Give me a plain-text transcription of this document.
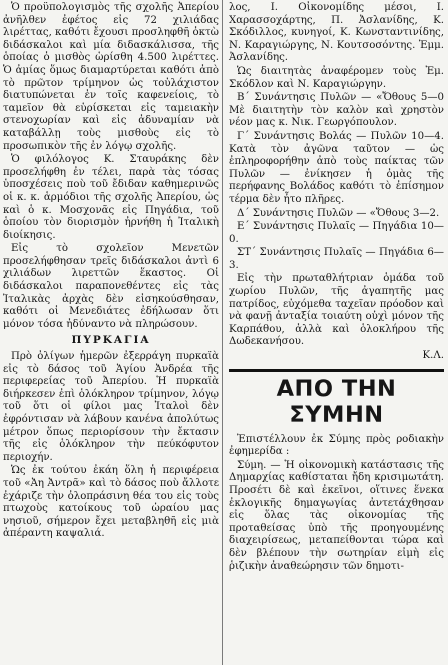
Ὁ προϋπολογισμὸς τῆς σχολῆς Ἀπερίου ἀνῆλθεν ἐφέτος εἰς 72 χιλιάδας λιρέττας, καθότι ἔχουσι προσληφθῆ ὀκτὼ διδάσκαλοι καὶ μία διδασκάλισσα, τῆς ὁποίας ὁ μισθὸς ὡρίσθη 4.500 λιρέττες. Ὁ ἀμίας ὅμως διαμαρτύρεται καθότι ἀπὸ τὸ πρῶτον τρίμηνον ὡς τοὐλάχιστον διατυπώνεται ἐν τοῖς καφενείοις, τὸ ταμεῖον θὰ εὑρίσκεται εἰς ταμειακὴν στενοχωρίαν καὶ εἰς ἀδυναμίαν νὰ καταβάλλῃ τοὺς μισθοὺς εἰς τὸ προσωπικὸν τῆς ἐν λόγῳ σχολῆς.

Ὁ φιλόλογος Κ. Σταυράκης δὲν προσελήφθη ἐν τέλει, παρὰ τὰς τόσας ὑποσχέσεις ποὺ τοῦ ἔδιδαν καθημερινῶς οἱ κ. κ. ἁρμόδιοι τῆς σχολῆς Ἀπερίου, ὡς καὶ ὁ κ. Μοσχονᾶς εἰς Πηγάδια, τοῦ ὁποίου τὸν διορισμὸν ἠρνήθη ἡ Ἰταλικὴ διοίκησις.

Εἰς τὸ σχολεῖον Μενετῶν προσελήφθησαν τρεῖς διδάσκαλοι ἀντὶ 6 χιλιάδων λιρεττῶν ἕκαστος. Οἱ διδάσκαλοι παραπονεθέντες εἰς τὰς Ἰταλικὰς ἀρχὰς δὲν εἰσηκούσθησαν, καθότι οἱ Μενεδιάτες ἐδήλωσαν ὅτι μόνον τόσα ἠδύναντο νὰ πληρώσουν.

ΠΥΡΚΑΓΙΑ

Πρὸ ὀλίγων ἡμερῶν ἐξερράγη πυρκαϊὰ εἰς τὸ δάσος τοῦ Ἁγίου Ἀνδρέα τῆς περιφερείας τοῦ Ἀπερίου. Ἡ πυρκαϊὰ διήρκεσεν ἐπὶ ὁλόκληρον τρίμηνον, λόγῳ τοῦ ὅτι οἱ φίλοι μας Ἰταλοὶ δὲν ἐφρόντισαν νὰ λάβουν κανένα ἀπολύτως μέτρον ὅπως περιορίσουν τὴν ἔκτασιν τῆς εἰς ὁλόκληρον τὴν πεύκόφυτον περιοχήν.

Ὡς ἐκ τούτου ἐκάη ὅλη ἡ περιφέρεια τοῦ «Ἀη Ἀντρᾶ» καὶ τὸ δάσος ποὺ ἄλλοτε ἐχάριζε τὴν ὀλοπράσινη θέα του εἰς τοὺς πτωχοὺς κατοίκους τοῦ ὡραίου μας νησιοῦ, σήμερον ἔχει μεταβληθῆ εἰς μιὰ ἀπέραντη καψαλιά.

λος, Ι. Οἰκονομίδης μέσοι, Ι. Χαρασσοχάρτης, Π. Ἀσλανίδης, Κ. Σκόδιλλος, κυνηγοί, Κ. Κωνσταντινίδης, Ν. Καραγιώργης, Ν. Κουτσοσόντης. Ἐμμ. Ἀσλανίδης.

Ὡς διαιτητὰς ἀναφέρομεν τοὺς Ἐμ. Σκόδλον καὶ Ν. Καραγιώργην.

Β΄ Συνάντησις Πυλῶν — «Ὄθους 5—0 Μὲ διαιτητὴν τὸν καλὸν καὶ χρηστὸν νέον μας κ. Νικ. Γεωργόπουλον.

Γ΄ Συνάντησις Βολάς — Πυλῶν 10—4. Κατὰ τὸν ἀγῶνα ταῦτον — ὡς ἐπληροφορήθην ἀπὸ τοὺς παίκτας τῶν Πυλῶν — ἐνίκησεν ἡ ὁμὰς τῆς περήφανης Βολάδος καθότι τὸ ἐπίσημον τέρμα δὲν ἦτο πλῆρες.

Δ΄ Συνάντησις Πυλῶν — «Ὄθους 3—2.

Ε΄ Συνάντησις Πυλαῖς — Πηγάδια 10—0.

ΣΤ΄ Συνάντησις Πυλαῖς — Πηγάδια 6—3.

Εἰς τὴν πρωταθλήτριαν ὁμάδα τοῦ χωρίου Πυλῶν, τῆς ἀγαπητῆς μας πατρίδος, εὐχόμεθα ταχεῖαν πρόοδον καὶ νὰ φανῇ ἀνταξία τοιαύτη οὐχὶ μόνον τῆς Καρπάθου, ἀλλὰ καὶ ὁλοκλήρου τῆς Δωδεκανήσου.

Κ.Λ.
ΑΠΟ ΤΗΝ ΣΥΜΗΝ

Ἐπιστέλλουν ἐκ Σύμης πρὸς ροδιακὴν ἐφημερίδα :

Σύμη. — Ἡ οἰκονομικὴ κατάστασις τῆς Δημαρχίας καθίσταται ἤδη κρισιμωτάτη. Προσέτι δὲ καὶ ἐκεῖνοι, οἵτινες ἕνεκα ἐκλογικῆς δημαγωγίας ἀντετάχθησαν εἰς ὅλας τὰς οἰκονομίας τῆς προταθείσας ὑπὸ τῆς προηγουμένης διαχειρίσεως, μεταπείθονται τώρα καὶ δὲν βλέπουν τὴν σωτηρίαν εἰμὴ εἰς ῥιζικὴν ἀναθεώρησιν τῶν δημοτι-
